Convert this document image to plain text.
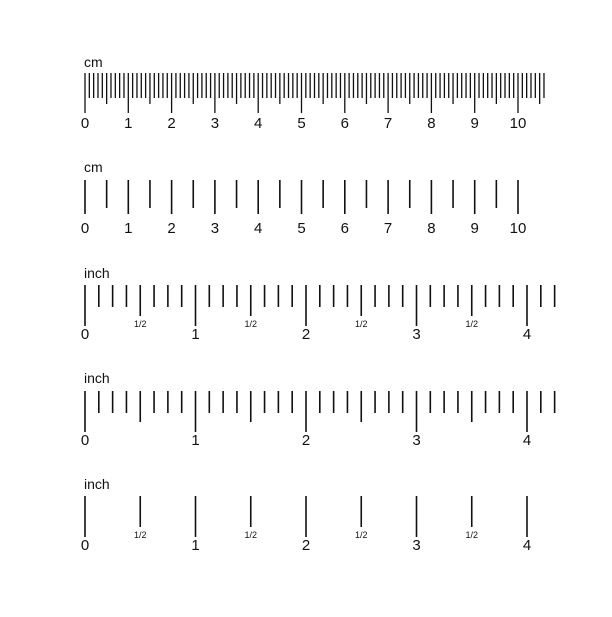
cm
0 1 2 3 4 5 6 7 8 9 10
cm
0 1 2 3 4 5 6 7 8 9 10
inch
0	1	2	3	4
1/2	1/2	1/2	1/2
inch
0	1	2	3	4
inch
0	1	2	3	4
1/2	1/2	1/2	1/2
